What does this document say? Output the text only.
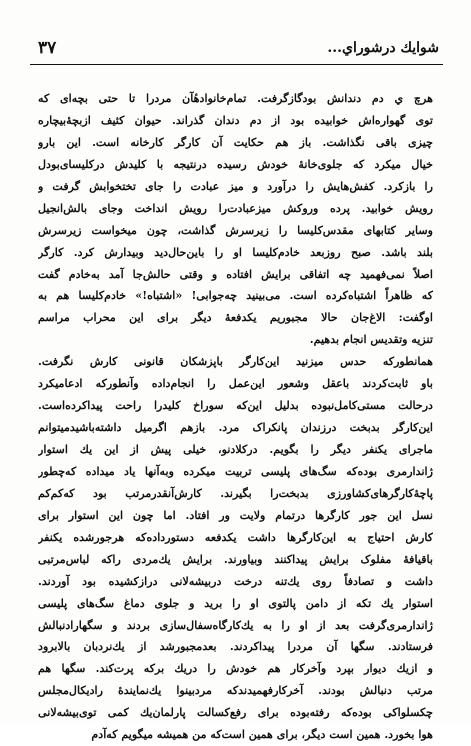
شوايك درشوراي...
۳۷
هرچ ي دم دندانش بودگازگرفت. تمام‌خانوادهٔآن مردرا تا حتی بچه‌ای که
توی گهواره‌اش خوابیده بود از دم دندان گذراند. حیوان کثیف ازبچهٔ‌بیچاره
چیزی باقی نگذاشت. باز هم حکایت آن کارگر کارخانه است. این بارو
خیال میکرد که جلوی‌خانهٔ خودش رسیده درنتیجه با کلیدش درکلیسای‌بودل
را بازکرد. کفش‌هایش را درآورد و میز عبادت را جای تختخوابش گرفت و
رویش خوابید. پرده ورو‌کش میزعبادت‌را رویش انداخت وجای بالش‌انجیل
وسایر کتابهای مقدس‌کلیسا را زیرسرش گذاشت، چون میخواست زیرسرش
بلند باشد. صبح روزبعد خادم‌کلیسا او را باین‌حال‌دید وبیدارش کرد. کارگر
اصلاً نمی‌فهمید چه اتفاقی برایش افتاده و وقتی حالش‌جا آمد به‌خادم گفت
که ظاهراً اشتباه‌کرده است. می‌بینید چه‌جوابی! «اشتباه!» خادم‌کلیسا هم به
اوگفت: الاغ‌جان حالا مجبوریم یکدفعهٔ دیگر برای این محراب مراسم
تنزیه وتقدیس انجام بدهیم.
همانطورکه حدس میزنید این‌کارگر باپزشکان قانونی کارش نگرفت.
باو ثابت‌کردند باعقل وشعور این‌عمل را انجام‌داده وآنطورکه ادعامیکرد
درحالت مستی‌کامل‌نبوده بدلیل این‌که سوراخ کلیدرا راحت پیداکرده‌است.
این‌کارگر بدبخت درزندان پانکراک مرد. بازهم اگرمیل داشته‌باشیدمیتوانم
ماجرای یکنفر دیگر را بگویم. درکلادنو، خیلی پیش از این یك استوار
ژاندارمری بوده‌که سگ‌های پلیسی تربیت میکرده وبه‌آنها یاد میداده که‌چطور
پاچهٔ‌کارگرهای‌کشاورزی بدبخت‌را بگیرند. کارش‌آنقدرمرتب بود که‌کم‌کم
نسل این جور کارگرها درتمام ولایت ور افتاد. اما چون این استوار برای
کارش احتیاج به این‌کارگرها داشت یکدفعه دستورداده‌که هرجورشده یکنفر
باقیافهٔ مفلوک برایش پیداکنند وبیاورند. برایش یك‌مردی راکه لباس‌مرتبی
داشت و تصادفاً روی یك‌تنه درخت دربیشه‌لانی درازکشیده بود آوردند.
استوار یك تکه از دامن پالتوی او را برید و جلوی دماغ سگ‌های پلیسی
ژاندارمری‌گرفت بعد از او را به یك‌کارگاه‌سفال‌سازی بردند و سگهارادنبالش
فرستادند. سگها آن مردرا پیداکردند. بعدمجبورشد از یك‌نردبان بالابرود
و ازیك دیوار بپرد وآخرکار هم خودش را دریك برکه پرت‌کند. سگها هم
مرتب دنبالش بودند. آخرکارفهمیدندکه مردبینوا یك‌نمایندهٔ رادیکال‌مجلس
چکسلواکی بوده‌که رفته‌بوده برای رفع‌کسالت پارلمان‌یك کمی توی‌بیشه‌لانی
هوا بخورد. همین است دیگر، برای همین است‌که من همیشه میگویم که‌آدم
